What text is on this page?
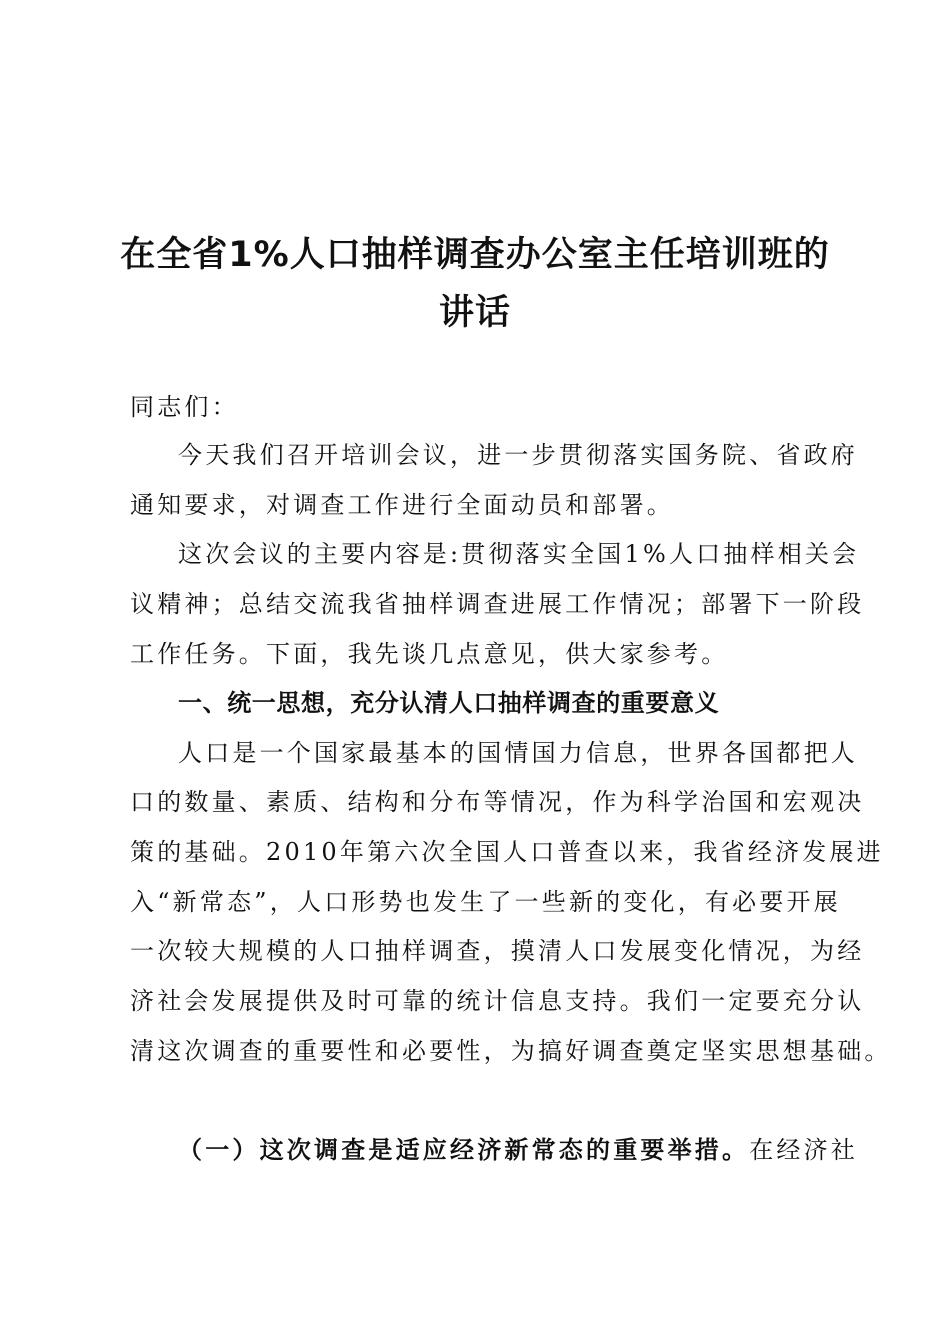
在全省1%人口抽样调查办公室主任培训班的
讲话
同志们：
今天我们召开培训会议，进一步贯彻落实国务院、省政府
通知要求，对调查工作进行全面动员和部署。
这次会议的主要内容是:贯彻落实全国1%人口抽样相关会
议精神；总结交流我省抽样调查进展工作情况；部署下一阶段
工作任务。下面，我先谈几点意见，供大家参考。
一、统一思想，充分认清人口抽样调查的重要意义
人口是一个国家最基本的国情国力信息，世界各国都把人
口的数量、素质、结构和分布等情况，作为科学治国和宏观决
策的基础。2010年第六次全国人口普查以来，我省经济发展进
入“新常态”，人口形势也发生了一些新的变化，有必要开展
一次较大规模的人口抽样调查，摸清人口发展变化情况，为经
济社会发展提供及时可靠的统计信息支持。我们一定要充分认
清这次调查的重要性和必要性，为搞好调查奠定坚实思想基础。
（一）这次调查是适应经济新常态的重要举措。在经济社
